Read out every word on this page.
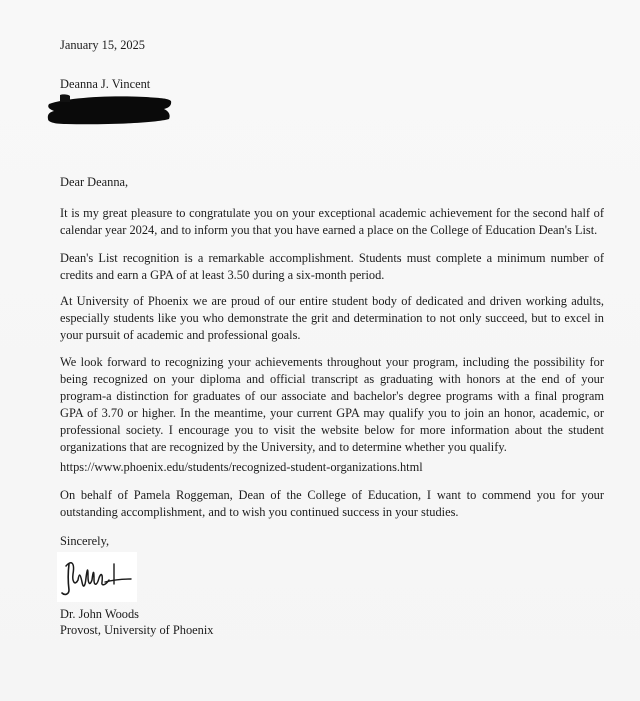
January 15, 2025

Deanna J. Vincent

Dear Deanna,

It is my great pleasure to congratulate you on your exceptional academic achievement for the second half of calendar year 2024, and to inform you that you have earned a place on the College of Education Dean's List.

Dean's List recognition is a remarkable accomplishment. Students must complete a minimum number of credits and earn a GPA of at least 3.50 during a six-month period.

At University of Phoenix we are proud of our entire student body of dedicated and driven working adults, especially students like you who demonstrate the grit and determination to not only succeed, but to excel in your pursuit of academic and professional goals.

We look forward to recognizing your achievements throughout your program, including the possibility for being recognized on your diploma and official transcript as graduating with honors at the end of your program-a distinction for graduates of our associate and bachelor's degree programs with a final program GPA of 3.70 or higher. In the meantime, your current GPA may qualify you to join an honor, academic, or professional society. I encourage you to visit the website below for more information about the student organizations that are recognized by the University, and to determine whether you qualify.

https://www.phoenix.edu/students/recognized-student-organizations.html

On behalf of Pamela Roggeman, Dean of the College of Education, I want to commend you for your outstanding accomplishment, and to wish you continued success in your studies.

Sincerely,

Dr. John Woods

Provost, University of Phoenix
